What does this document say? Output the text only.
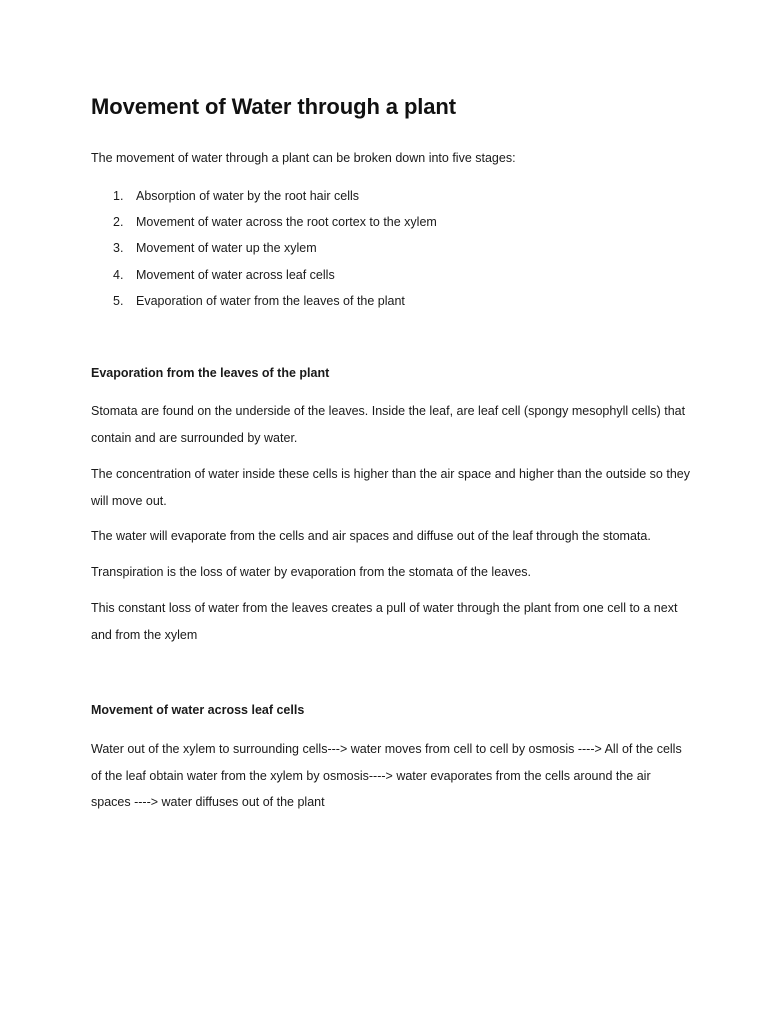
Movement of Water through a plant

The movement of water through a plant can be broken down into five stages:

1.	Absorption of water by the root hair cells
2.	Movement of water across the root cortex to the xylem
3.	Movement of water up the xylem
4.	Movement of water across leaf cells
5.	Evaporation of water from the leaves of the plant
Evaporation from the leaves of the plant

Stomata are found on the underside of the leaves. Inside the leaf, are leaf cell (spongy mesophyll cells) that contain and are surrounded by water.

The concentration of water inside these cells is higher than the air space and higher than the outside so they will move out.

The water will evaporate from the cells and air spaces and diffuse out of the leaf through the stomata.

Transpiration is the loss of water by evaporation from the stomata of the leaves.

This constant loss of water from the leaves creates a pull of water through the plant from one cell to a next and from the xylem

Movement of water across leaf cells

Water out of the xylem to surrounding cells---> water moves from cell to cell by osmosis ----> All of the cells of the leaf obtain water from the xylem by osmosis----> water evaporates from the cells around the air spaces ----> water diffuses out of the plant
